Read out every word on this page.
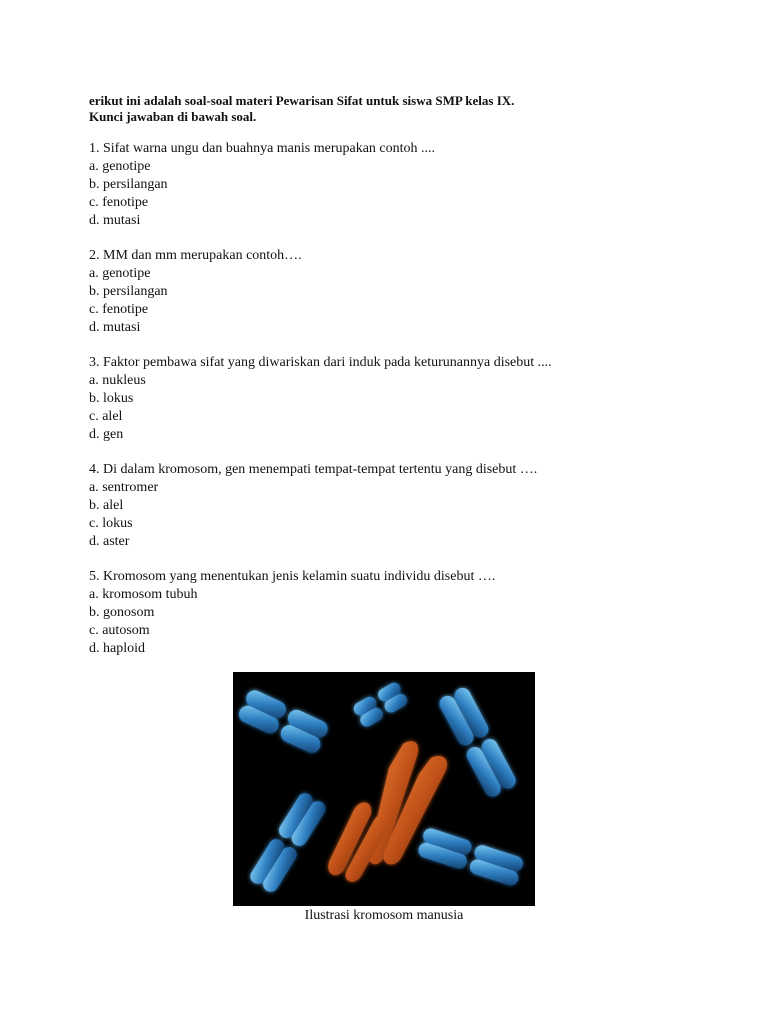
erikut ini adalah soal-soal materi Pewarisan Sifat untuk siswa SMP kelas IX.
Kunci jawaban di bawah soal.
1. Sifat warna ungu dan buahnya manis merupakan contoh ....
a. genotipe
b. persilangan
c. fenotipe
d. mutasi
2. MM dan mm merupakan contoh….
a. genotipe
b. persilangan
c. fenotipe
d. mutasi
3. Faktor pembawa sifat yang diwariskan dari induk pada keturunannya disebut ....
a. nukleus
b. lokus
c. alel
d. gen
4. Di dalam kromosom, gen menempati tempat-tempat tertentu yang disebut ….
a. sentromer
b. alel
c. lokus
d. aster
5. Kromosom yang menentukan jenis kelamin suatu individu disebut ….
a. kromosom tubuh
b. gonosom
c. autosom
d. haploid
Ilustrasi kromosom manusia
